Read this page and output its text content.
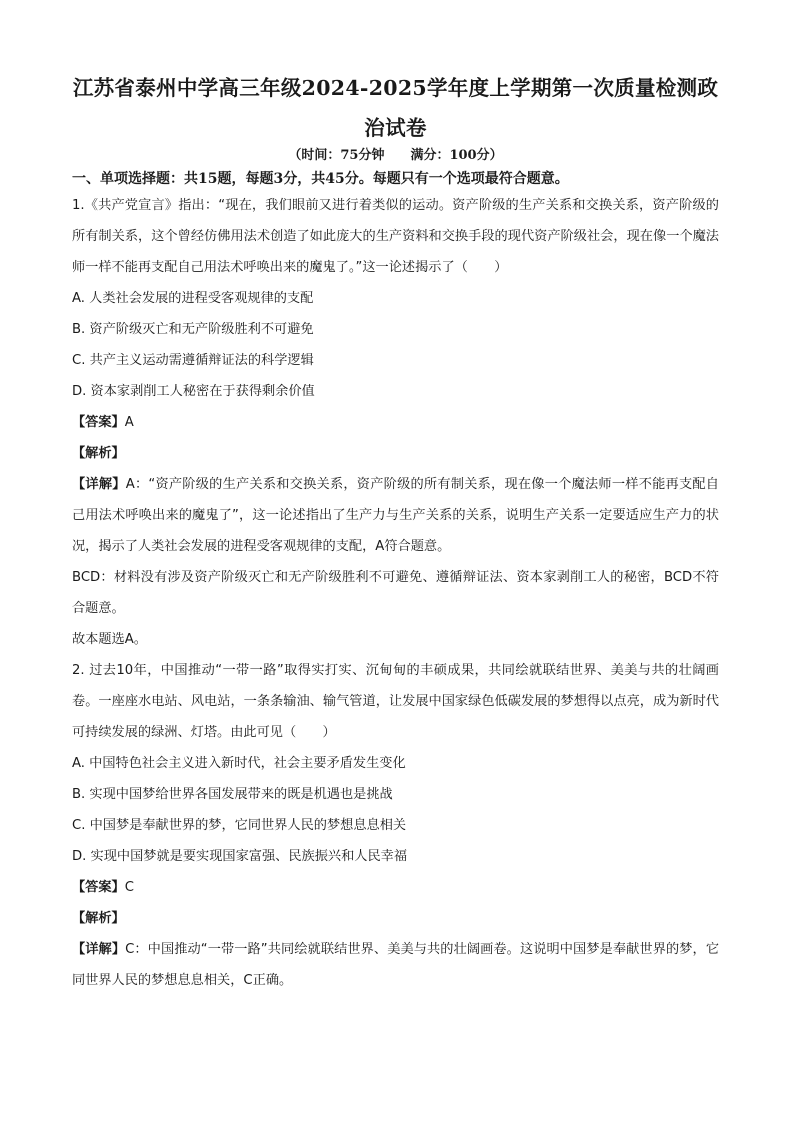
江苏省泰州中学高三年级2024-2025学年度上学期第一次质量检测政
治试卷
（时间：75分钟 满分：100分）
一、单项选择题：共15题，每题3分，共45分。每题只有一个选项最符合题意。

1.《共产党宣言》指出：“现在，我们眼前又进行着类似的运动。资产阶级的生产关系和交换关系，资产阶级的所有制关系，这个曾经仿佛用法术创造了如此庞大的生产资料和交换手段的现代资产阶级社会，现在像一个魔法师一样不能再支配自己用法术呼唤出来的魔鬼了。”这一论述揭示了（　　）

A. 人类社会发展的进程受客观规律的支配

B. 资产阶级灭亡和无产阶级胜利不可避免

C. 共产主义运动需遵循辩证法的科学逻辑

D. 资本家剥削工人秘密在于获得剩余价值

【答案】A

【解析】

【详解】A：“资产阶级的生产关系和交换关系，资产阶级的所有制关系，现在像一个魔法师一样不能再支配自己用法术呼唤出来的魔鬼了”，这一论述指出了生产力与生产关系的关系，说明生产关系一定要适应生产力的状况，揭示了人类社会发展的进程受客观规律的支配，A符合题意。

BCD：材料没有涉及资产阶级灭亡和无产阶级胜利不可避免、遵循辩证法、资本家剥削工人的秘密，BCD不符合题意。

故本题选A。

2. 过去10年，中国推动“一带一路”取得实打实、沉甸甸的丰硕成果，共同绘就联结世界、美美与共的壮阔画卷。一座座水电站、风电站，一条条输油、输气管道，让发展中国家绿色低碳发展的梦想得以点亮，成为新时代可持续发展的绿洲、灯塔。由此可见（　　）

A. 中国特色社会主义进入新时代，社会主要矛盾发生变化

B. 实现中国梦给世界各国发展带来的既是机遇也是挑战

C. 中国梦是奉献世界的梦，它同世界人民的梦想息息相关

D. 实现中国梦就是要实现国家富强、民族振兴和人民幸福

【答案】C

【解析】

【详解】C：中国推动“一带一路”共同绘就联结世界、美美与共的壮阔画卷。这说明中国梦是奉献世界的梦，它同世界人民的梦想息息相关，C正确。
